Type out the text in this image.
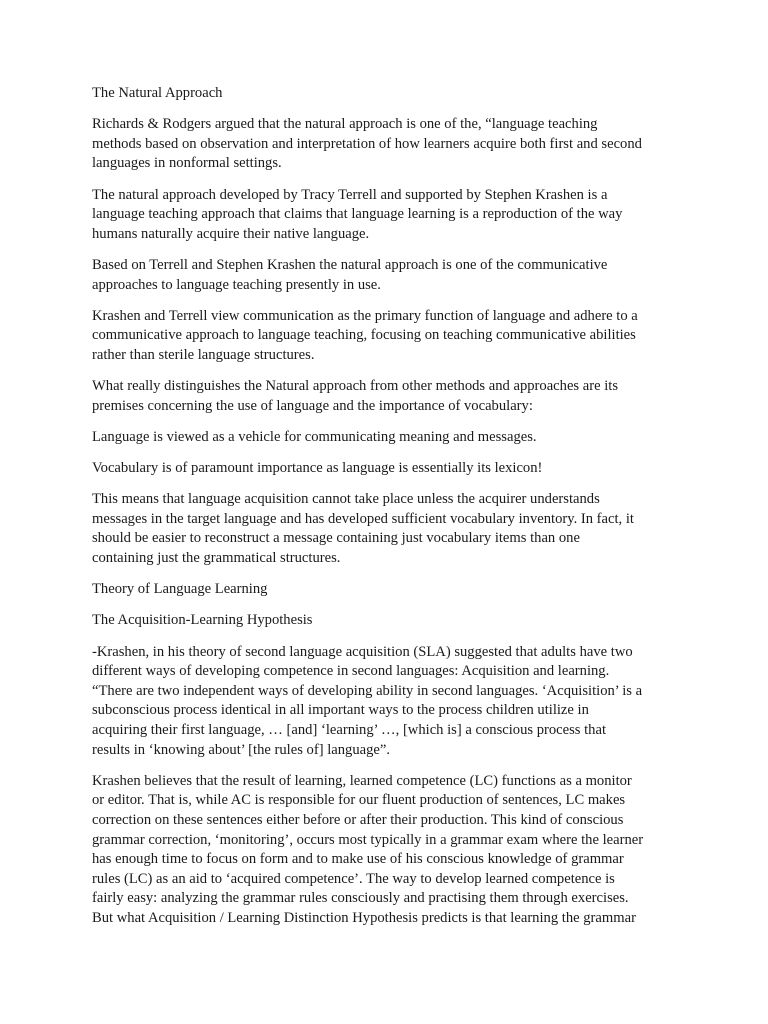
The Natural Approach

Richards & Rodgers argued that the natural approach is one of the, “language teaching
methods based on observation and interpretation of how learners acquire both first and second
languages in nonformal settings.

The natural approach developed by Tracy Terrell and supported by Stephen Krashen is a
language teaching approach that claims that language learning is a reproduction of the way
humans naturally acquire their native language.

Based on Terrell and Stephen Krashen the natural approach is one of the communicative
approaches to language teaching presently in use.

Krashen and Terrell view communication as the primary function of language and adhere to a
communicative approach to language teaching, focusing on teaching communicative abilities
rather than sterile language structures.

What really distinguishes the Natural approach from other methods and approaches are its
premises concerning the use of language and the importance of vocabulary:

Language is viewed as a vehicle for communicating meaning and messages.

Vocabulary is of paramount importance as language is essentially its lexicon!

This means that language acquisition cannot take place unless the acquirer understands
messages in the target language and has developed sufficient vocabulary inventory. In fact, it
should be easier to reconstruct a message containing just vocabulary items than one
containing just the grammatical structures.

Theory of Language Learning

The Acquisition-Learning Hypothesis

-Krashen, in his theory of second language acquisition (SLA) suggested that adults have two
different ways of developing competence in second languages: Acquisition and learning.
“There are two independent ways of developing ability in second languages. ‘Acquisition’ is a
subconscious process identical in all important ways to the process children utilize in
acquiring their first language, … [and] ‘learning’ …, [which is] a conscious process that
results in ‘knowing about’ [the rules of] language”.

Krashen believes that the result of learning, learned competence (LC) functions as a monitor
or editor. That is, while AC is responsible for our fluent production of sentences, LC makes
correction on these sentences either before or after their production. This kind of conscious
grammar correction, ‘monitoring’, occurs most typically in a grammar exam where the learner
has enough time to focus on form and to make use of his conscious knowledge of grammar
rules (LC) as an aid to ‘acquired competence’. The way to develop learned competence is
fairly easy: analyzing the grammar rules consciously and practising them through exercises.
But what Acquisition / Learning Distinction Hypothesis predicts is that learning the grammar
